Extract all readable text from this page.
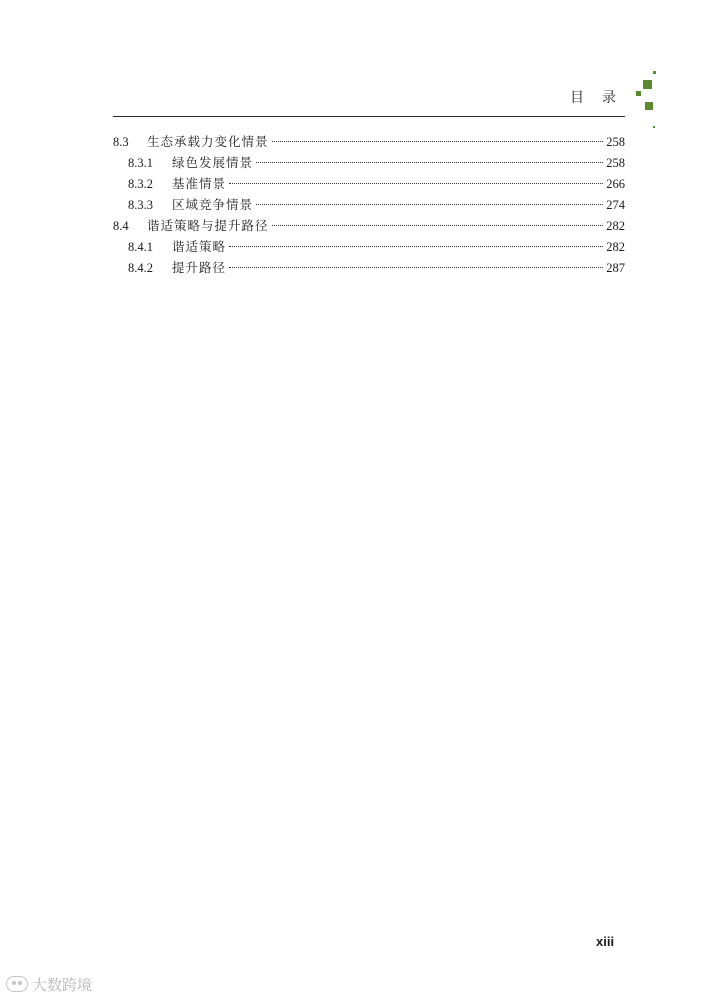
目录
8.3	生态承载力变化情景	258
8.3.1	绿色发展情景	258
8.3.2	基准情景	266
8.3.3	区域竞争情景	274
8.4	谐适策略与提升路径	282
8.4.1	谐适策略	282
8.4.2	提升路径	287
xiii
大数跨境
